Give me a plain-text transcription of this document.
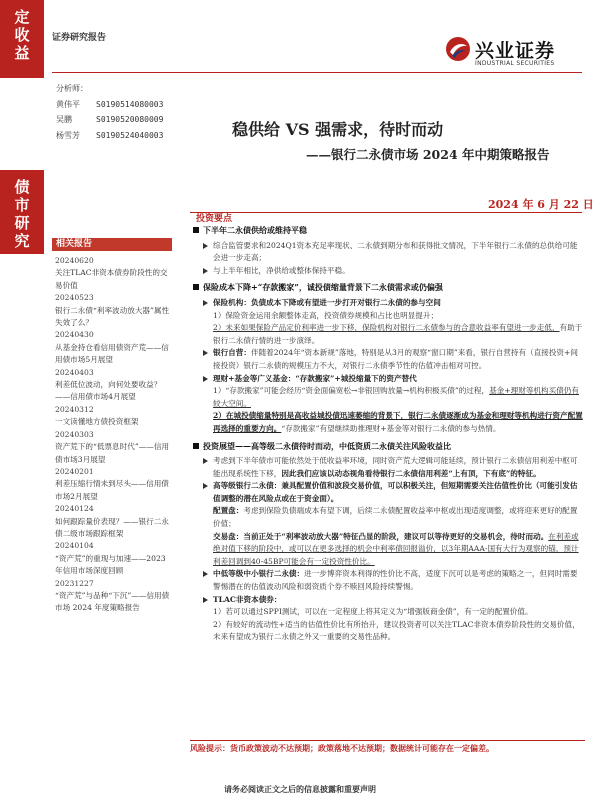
定
收
益
债
市
研
究
证券研究报告
兴业证券
INDUSTRIAL SECURITIES
分析师：
黄伟平	S0190514080003
吴鹏	S0190520080009
杨雪芳	S0190524040003	稳供给 VS 强需求，待时而动
——银行二永债市场 2024 年中期策略报告
2024 年 6 月 22 日
投资要点
相关报告
20240620
关注TLAC非资本债券阶段性的交易价值
20240523
银行二永债“利率波动放大器”属性失效了么？
20240430
从基金持仓看信用债资产荒——信用债市场5月展望
20240403
利差低位波动，向何处要收益？——信用债市场4月展望
20240312
一文读懂地方债投资框架
20240303
资产荒下的“低票息时代”——信用债市场3月展望
20240201
利差压缩行情未到尽头——信用债市场2月展望
20240124
如何跟踪量价表现？——银行二永债二级市场跟踪框架
20240104
“资产荒”的重现与加速——2023年信用市场深度回顾
20231227
“资产荒”与品种“下沉”——信用债市场 2024 年度策略报告
下半年二永债供给或维持平稳
综合监管要求和2024Q1资本充足率现状、二永债到期分布和获得批文情况，下半年银行二永债的总供给可能会进一步走高；
与上半年相比，净供给或整体保持平稳。
保险成本下降+“存款搬家”，诚投债缩量背景下二永债需求或仍偏强
保险机构：负债成本下降或有望进一步打开对银行二永债的参与空间
1）保险资金运用余额整体走高，投资债券规模和占比也明显提升；
2）未来如果保险产品定价利率进一步下移，保险机构对银行二永债参与的合意收益率有望进一步走低，有助于银行二永债行情的进一步演绎。
银行自营：伴随着2024年“资本新规”落地，特别是从3月的观察“窗口期”来看，银行自营持有（直接投资+间接投资）银行二永债的规模压力不大，对银行二永债季节性的估值冲击相对可控。
理财+基金等广义基金：“存款搬家”+城投缩量下的资产替代
1）“存款搬家”可能会经历“资金面偏宽松→非银回购放量→机构积极买债”的过程，基金+理财等机构买债仍有较大空间。
2）在城投债缩量特别是高收益城投债迅速萎缩的背景下，银行二永债逐渐成为基金和理财等机构进行资产配置再选择的重要方向。“存款搬家”有望继续助推理财+基金等对银行二永债的参与热情。
投资展望——高等级二永债待时而动，中低资质二永债关注风险收益比
考虑到下半年债市可能依然处于低收益率环境，同时资产荒大逻辑可能延续，预计银行二永债信用利差中枢可能出现系统性下移，因此我们应该以动态视角看待银行二永债信用利差“上有顶，下有底”的特征。
高等级银行二永债：兼具配置价值和波段交易价值，可以积极关注，但短期需要关注估值性价比（可能引发估值调整的潜在风险点或在于资金面）。
配置盘：考虑到保险负债端成本有望下调，后续二永债配置收益率中枢或出现适度调整，或将迎来更好的配置价值；
交易盘：当前正处于“利率波动放大器”特征凸显的阶段，建议可以等待更好的交易机会，待时而动。在利差或绝对值下移的阶段中，或可以在更多选择的机会中利率债回报溢价，以3年期AAA-国有大行为观察的锚，预计利差回调到40-45BP可能会有一定投资性价比。
中低等级中小银行二永债：进一步博弈资本利得的性价比不高，适度下沉可以是考虑的策略之一，但同时需要警惕潜在的估值波动风险和弱资质个券不赎回风险持续警惕。
TLAC非资本债券：
1）若可以通过SPPI测试，可以在一定程度上将其定义为“增强版商金债”，有一定的配置价值。
2）有较好的流动性+适当的估值性价比有所抬升，建议投资者可以关注TLAC非资本债券阶段性的交易价值，未来有望成为银行二永债之外又一重要的交易性品种。
风险提示：货币政策波动不达预期；政策落地不达预期；数据统计可能存在一定偏差。
请务必阅读正文之后的信息披露和重要声明
